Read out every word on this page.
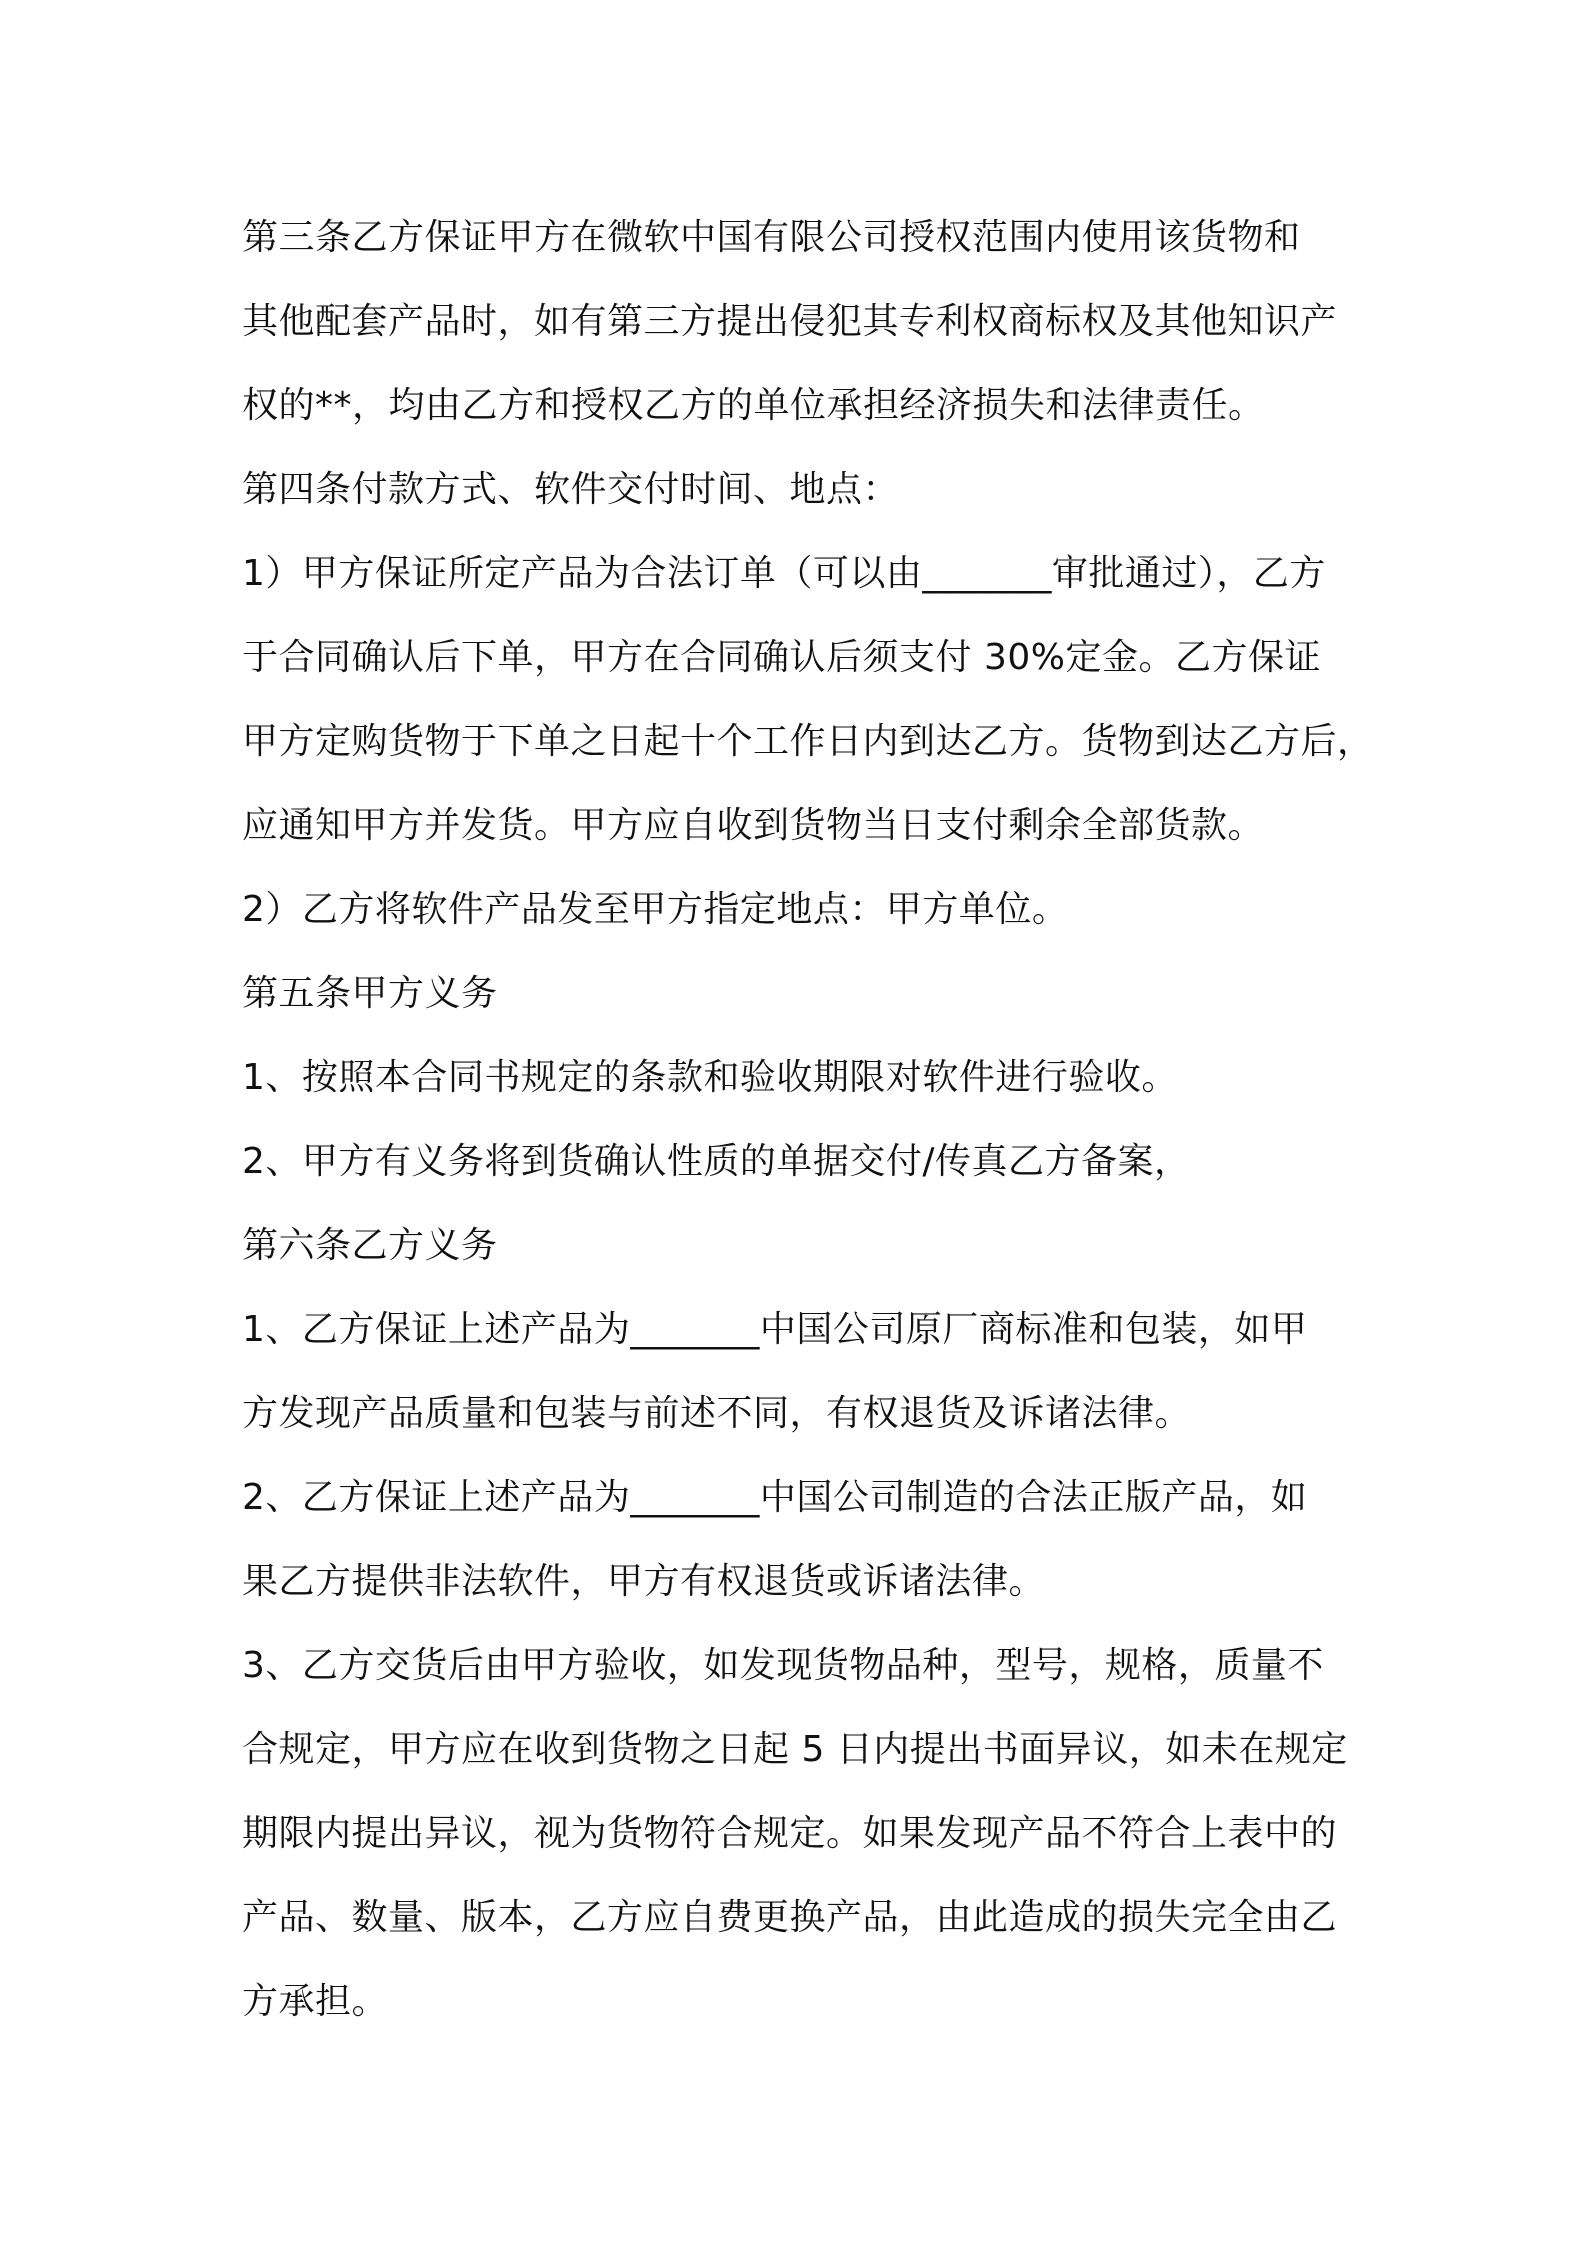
第三条乙方保证甲方在微软中国有限公司授权范围内使用该货物和
其他配套产品时，如有第三方提出侵犯其专利权商标权及其他知识产
权的**，均由乙方和授权乙方的单位承担经济损失和法律责任。
第四条付款方式、软件交付时间、地点：
1）甲方保证所定产品为合法订单（可以由_______审批通过），乙方
于合同确认后下单，甲方在合同确认后须支付 30%定金。乙方保证
甲方定购货物于下单之日起十个工作日内到达乙方。货物到达乙方后，
应通知甲方并发货。甲方应自收到货物当日支付剩余全部货款。
2）乙方将软件产品发至甲方指定地点：甲方单位。
第五条甲方义务
1、按照本合同书规定的条款和验收期限对软件进行验收。
2、甲方有义务将到货确认性质的单据交付/传真乙方备案，
第六条乙方义务
1、乙方保证上述产品为_______中国公司原厂商标准和包装，如甲
方发现产品质量和包装与前述不同，有权退货及诉诸法律。
2、乙方保证上述产品为_______中国公司制造的合法正版产品，如
果乙方提供非法软件，甲方有权退货或诉诸法律。
3、乙方交货后由甲方验收，如发现货物品种，型号，规格，质量不
合规定，甲方应在收到货物之日起 5 日内提出书面异议，如未在规定
期限内提出异议，视为货物符合规定。如果发现产品不符合上表中的
产品、数量、版本，乙方应自费更换产品，由此造成的损失完全由乙
方承担。
